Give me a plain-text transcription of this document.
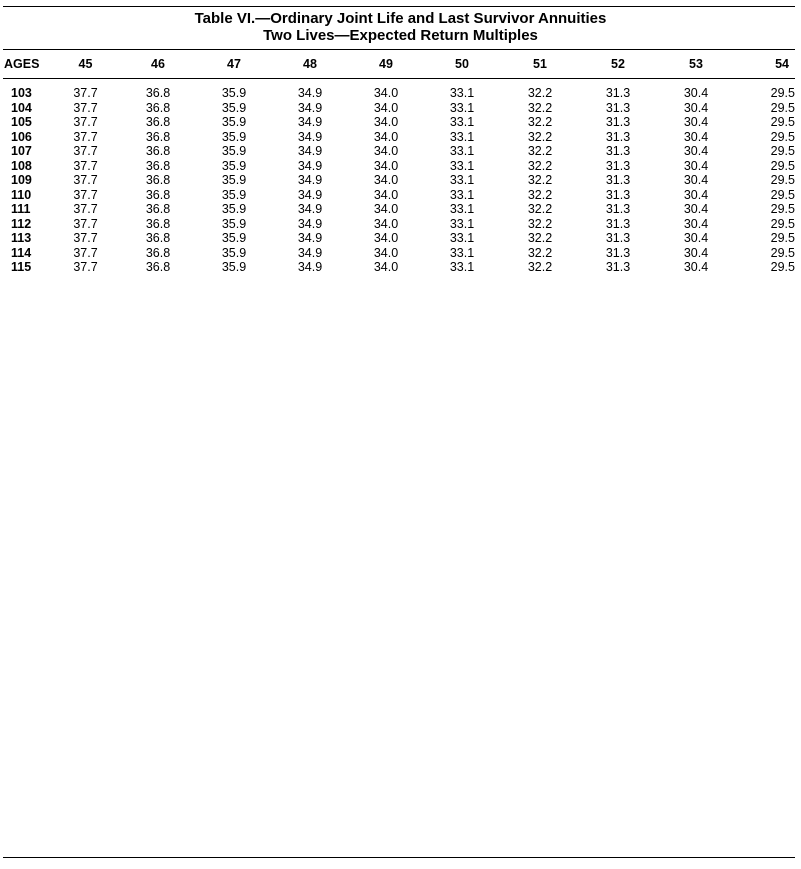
Table VI.—Ordinary Joint Life and Last Survivor Annuities
Two Lives—Expected Return Multiples
AGES	45	46	47	48	49	50	51	52	53	54

103	37.7	36.8	35.9	34.9	34.0	33.1	32.2	31.3	30.4	29.5
104	37.7	36.8	35.9	34.9	34.0	33.1	32.2	31.3	30.4	29.5
105	37.7	36.8	35.9	34.9	34.0	33.1	32.2	31.3	30.4	29.5
106	37.7	36.8	35.9	34.9	34.0	33.1	32.2	31.3	30.4	29.5
107	37.7	36.8	35.9	34.9	34.0	33.1	32.2	31.3	30.4	29.5
108	37.7	36.8	35.9	34.9	34.0	33.1	32.2	31.3	30.4	29.5
109	37.7	36.8	35.9	34.9	34.0	33.1	32.2	31.3	30.4	29.5
110	37.7	36.8	35.9	34.9	34.0	33.1	32.2	31.3	30.4	29.5
111	37.7	36.8	35.9	34.9	34.0	33.1	32.2	31.3	30.4	29.5
112	37.7	36.8	35.9	34.9	34.0	33.1	32.2	31.3	30.4	29.5
113	37.7	36.8	35.9	34.9	34.0	33.1	32.2	31.3	30.4	29.5
114	37.7	36.8	35.9	34.9	34.0	33.1	32.2	31.3	30.4	29.5
115	37.7	36.8	35.9	34.9	34.0	33.1	32.2	31.3	30.4	29.5
